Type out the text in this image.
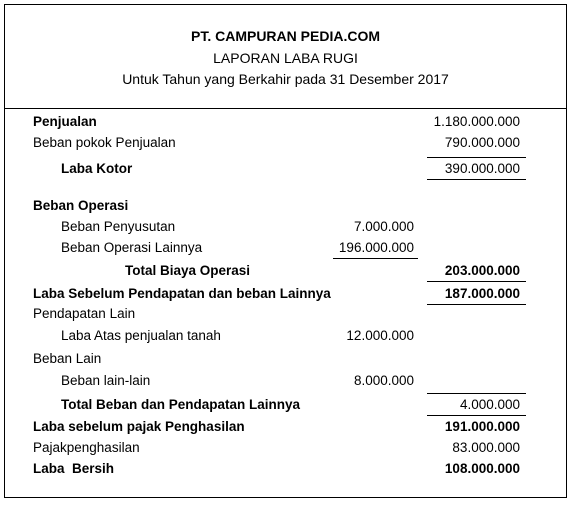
PT. CAMPURAN PEDIA.COM
LAPORAN LABA RUGI
Untuk Tahun yang Berkahir pada 31 Desember 2017
Penjualan	1.180.000.000
Beban pokok Penjualan	790.000.000
Laba Kotor	390.000.000
Beban Operasi
Beban Penyusutan	7.000.000
Beban Operasi Lainnya	196.000.000
Total Biaya Operasi	203.000.000
Laba Sebelum Pendapatan dan beban Lainnya	187.000.000
Pendapatan Lain
Laba Atas penjualan tanah	12.000.000
Beban Lain
Beban lain-lain	8.000.000
Total Beban dan Pendapatan Lainnya	4.000.000
Laba sebelum pajak Penghasilan	191.000.000
Pajakpenghasilan	83.000.000
Laba  Bersih	108.000.000
